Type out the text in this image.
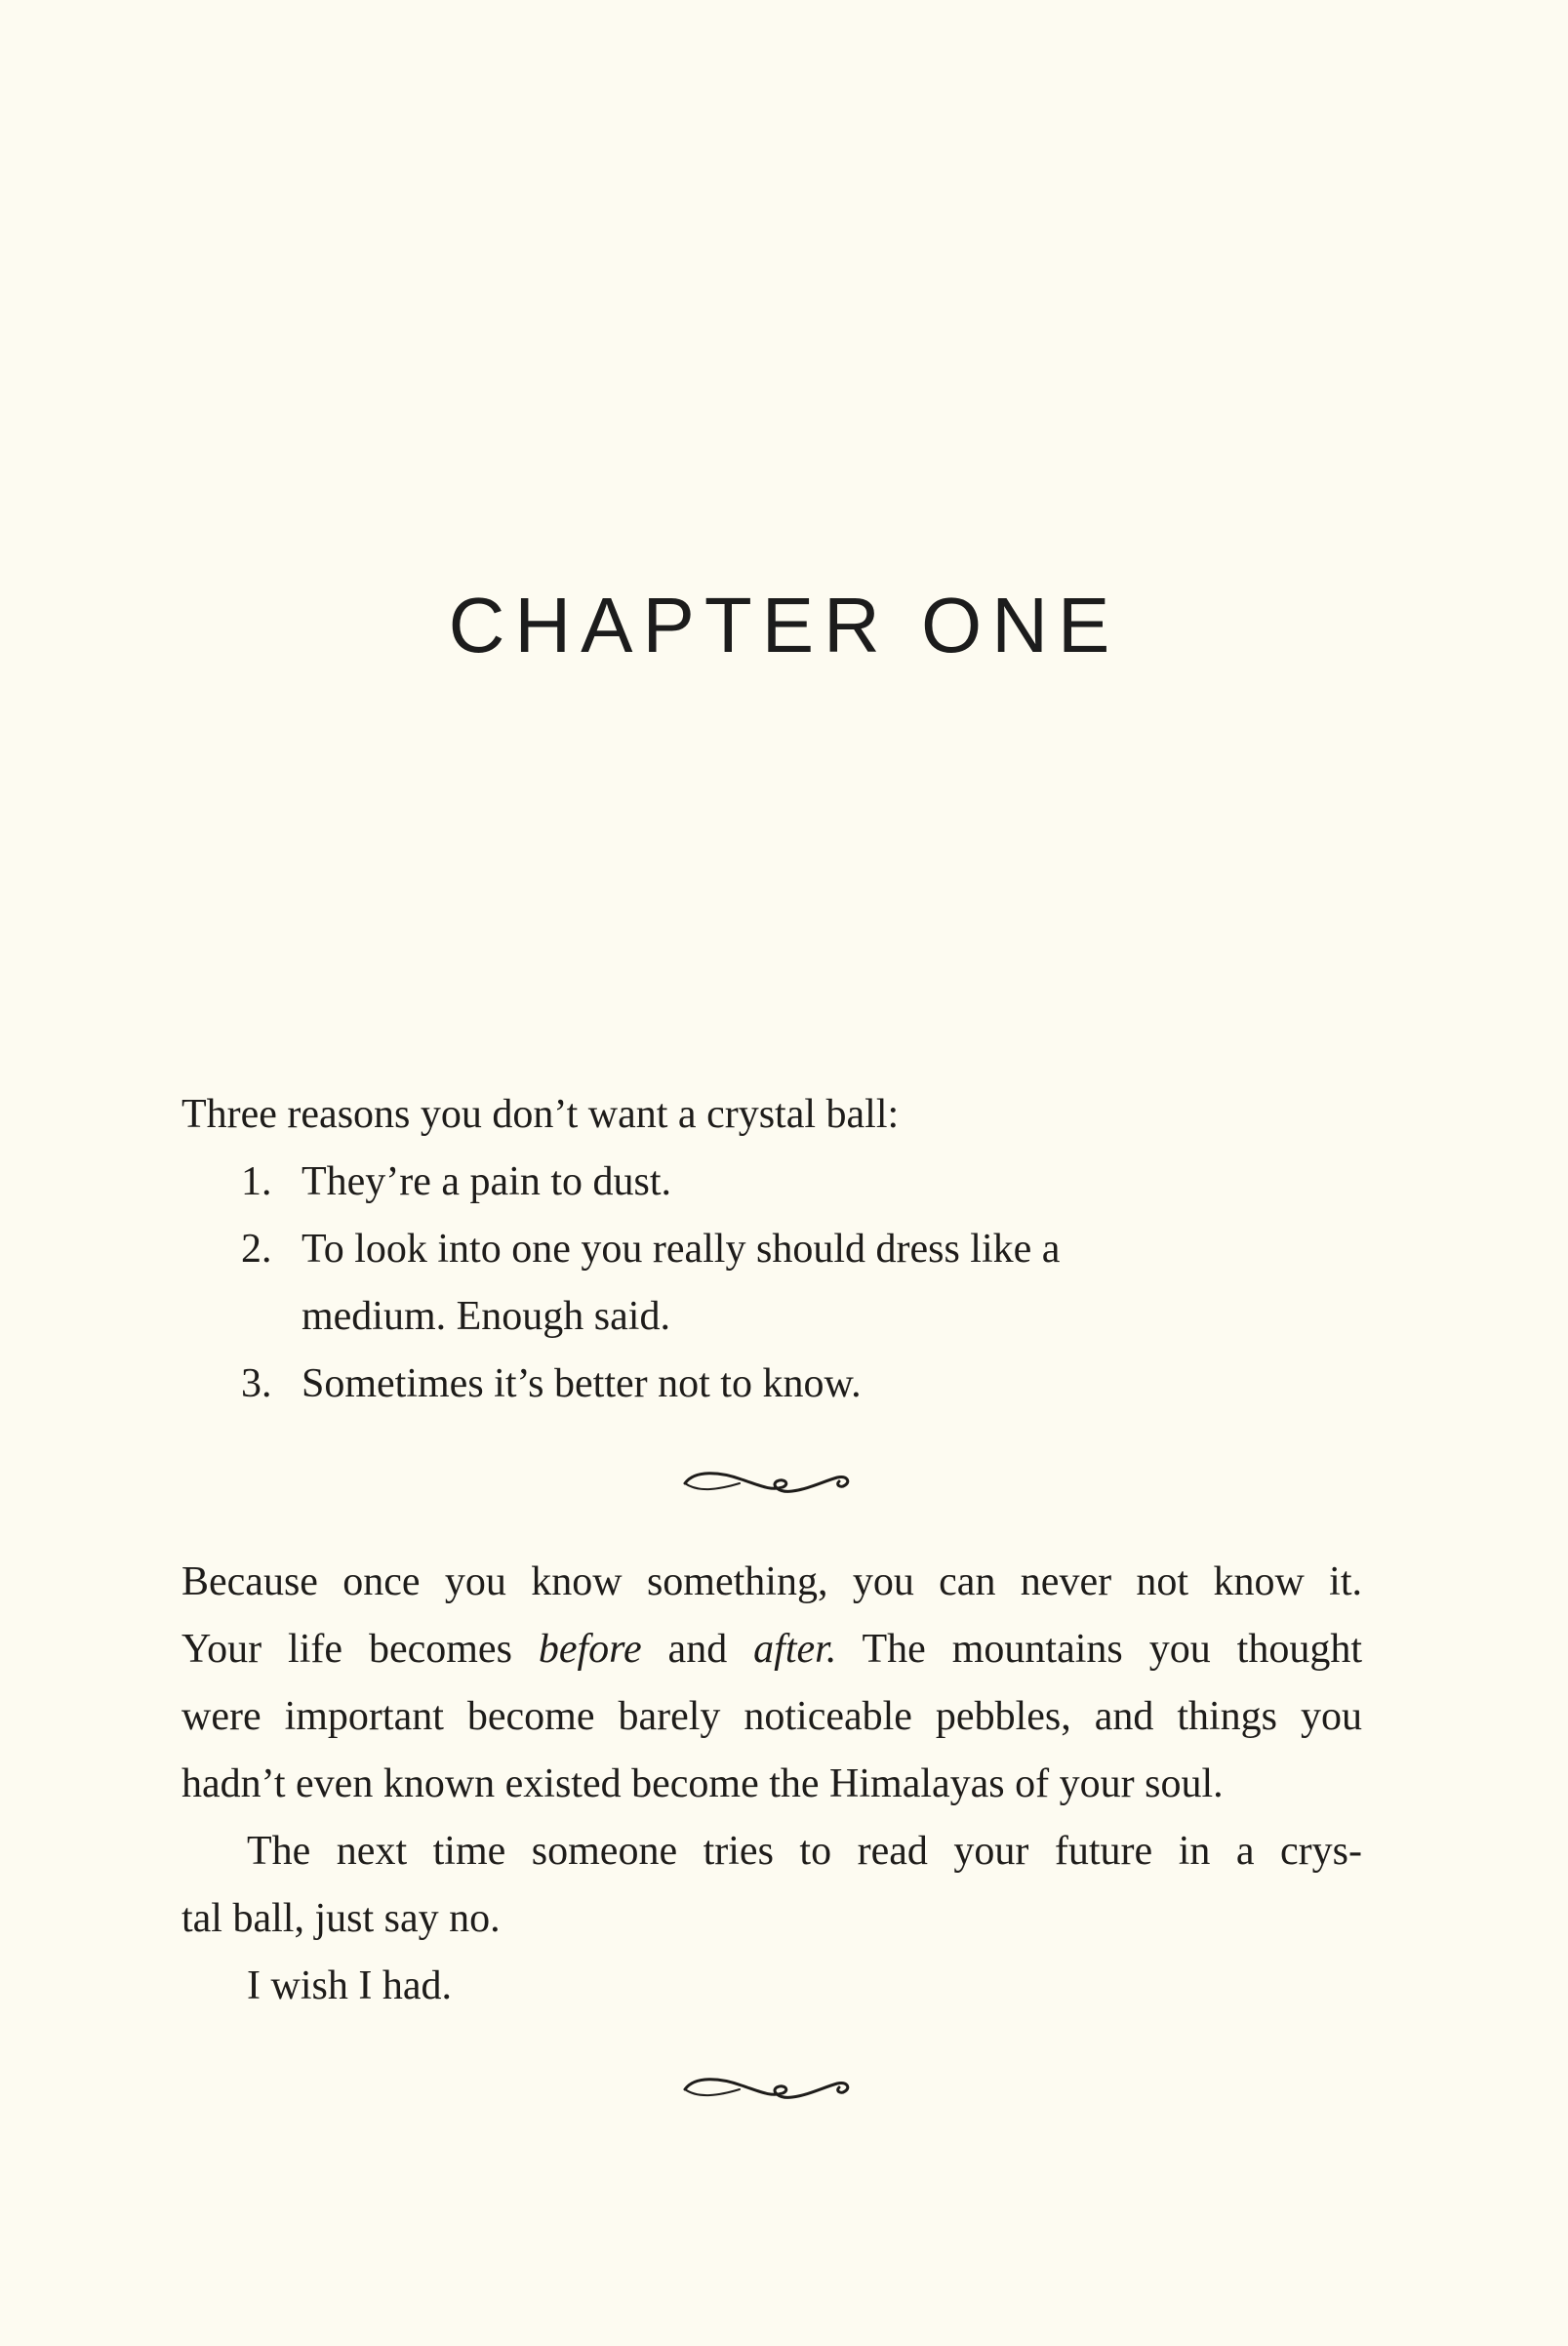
CHAPTER ONE

Three reasons you don’t want a crystal ball:

1. They’re a pain to dust.
2. To look into one you really should dress like a
medium. Enough said.
3. Sometimes it’s better not to know.
Because once you know something, you can never not know it.
Your life becomes before and after. The mountains you thought
were important become barely noticeable pebbles, and things you
hadn’t even known existed become the Himalayas of your soul.
The next time someone tries to read your future in a crys-
tal ball, just say no.
I wish I had.
